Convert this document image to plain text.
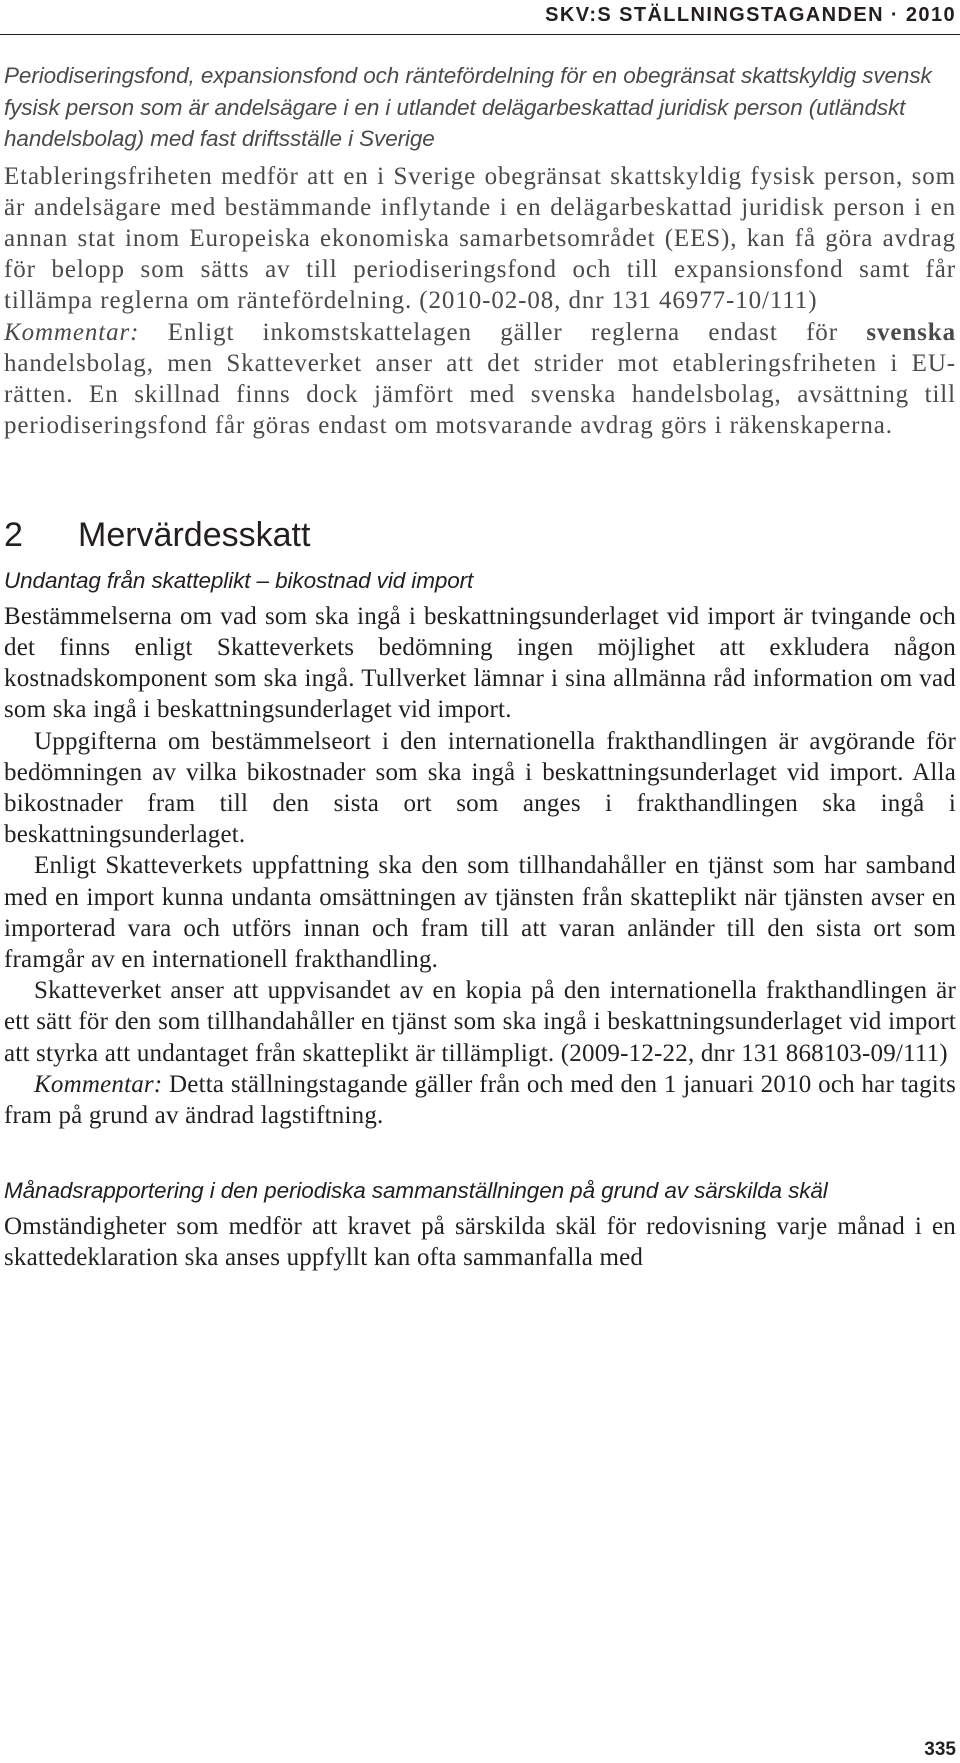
SKV:S STÄLLNINGSTAGANDEN · 2010

Periodiseringsfond, expansionsfond och räntefördelning för en obegränsat skattskyldig svensk fysisk person som är andelsägare i en i utlandet delägarbeskattad juridisk person (utländskt handelsbolag) med fast driftsställe i Sverige

Etableringsfriheten medför att en i Sverige obegränsat skattskyldig fysisk person, som är andelsägare med bestämmande inflytande i en delägarbeskattad juridisk person i en annan stat inom Europeiska ekonomiska samarbetsområdet (EES), kan få göra avdrag för belopp som sätts av till periodiseringsfond och till expansionsfond samt får tillämpa reglerna om räntefördelning. (2010-02-08, dnr 131 46977-10/111)

Kommentar: Enligt inkomstskattelagen gäller reglerna endast för svenska handelsbolag, men Skatteverket anser att det strider mot etableringsfriheten i EU-rätten. En skillnad finns dock jämfört med svenska handelsbolag, avsättning till periodiseringsfond får göras endast om motsvarande avdrag görs i räkenskaperna.

2 Mervärdesskatt

Undantag från skatteplikt – bikostnad vid import

Bestämmelserna om vad som ska ingå i beskattningsunderlaget vid import är tvingande och det finns enligt Skatteverkets bedömning ingen möjlighet att exkludera någon kostnadskomponent som ska ingå. Tullverket lämnar i sina allmänna råd information om vad som ska ingå i beskattningsunderlaget vid import.

Uppgifterna om bestämmelseort i den internationella frakthandlingen är avgörande för bedömningen av vilka bikostnader som ska ingå i beskattningsunderlaget vid import. Alla bikostnader fram till den sista ort som anges i frakthandlingen ska ingå i beskattningsunderlaget.

Enligt Skatteverkets uppfattning ska den som tillhandahåller en tjänst som har samband med en import kunna undanta omsättningen av tjänsten från skatteplikt när tjänsten avser en importerad vara och utförs innan och fram till att varan anländer till den sista ort som framgår av en internationell frakthandling.

Skatteverket anser att uppvisandet av en kopia på den internationella frakthandlingen är ett sätt för den som tillhandahåller en tjänst som ska ingå i beskattningsunderlaget vid import att styrka att undantaget från skatteplikt är tillämpligt. (2009-12-22, dnr 131 868103-09/111)

Kommentar: Detta ställningstagande gäller från och med den 1 januari 2010 och har tagits fram på grund av ändrad lagstiftning.

Månadsrapportering i den periodiska sammanställningen på grund av särskilda skäl

Omständigheter som medför att kravet på särskilda skäl för redovisning varje månad i en skattedeklaration ska anses uppfyllt kan ofta sammanfalla med

335
